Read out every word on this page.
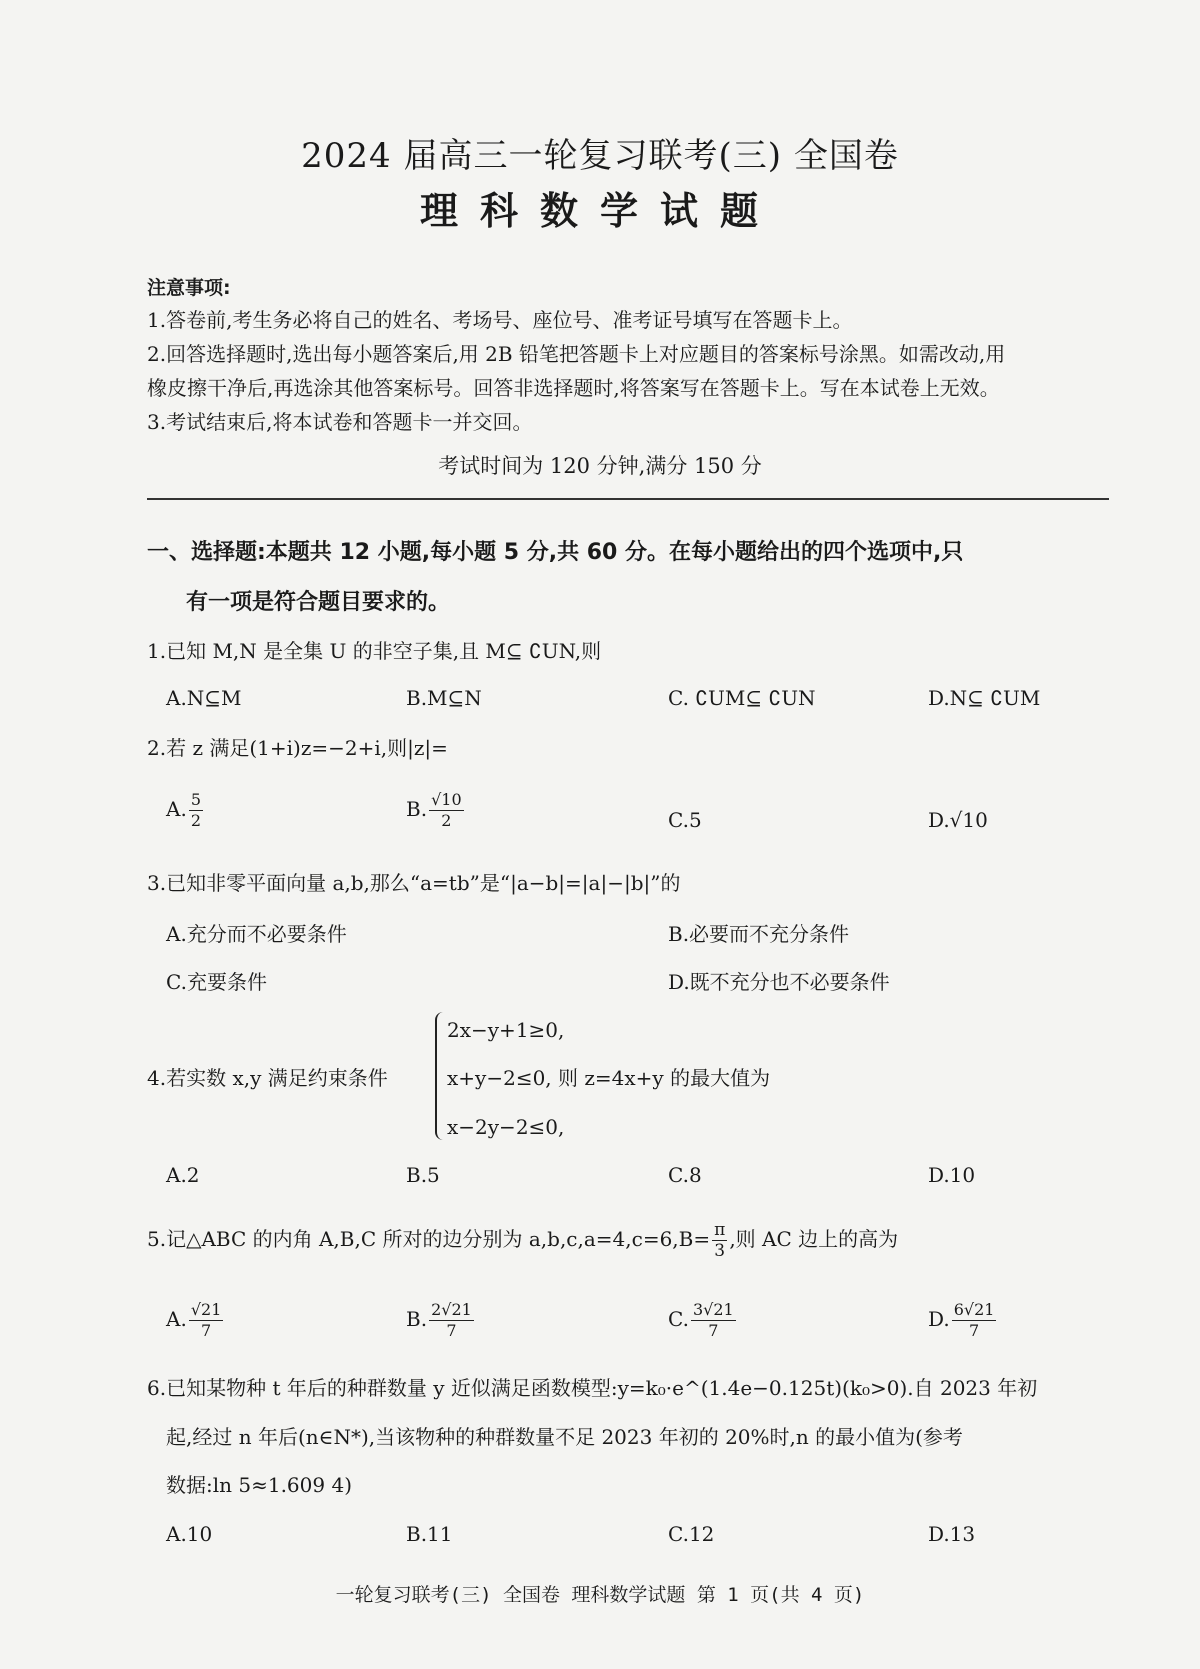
2024 届高三一轮复习联考(三) 全国卷
理科数学试题
注意事项:
1.答卷前,考生务必将自己的姓名、考场号、座位号、准考证号填写在答题卡上。
2.回答选择题时,选出每小题答案后,用 2B 铅笔把答题卡上对应题目的答案标号涂黑。如需改动,用
橡皮擦干净后,再选涂其他答案标号。回答非选择题时,将答案写在答题卡上。写在本试卷上无效。
3.考试结束后,将本试卷和答题卡一并交回。
考试时间为 120 分钟,满分 150 分
一、选择题:本题共 12 小题,每小题 5 分,共 60 分。在每小题给出的四个选项中,只
有一项是符合题目要求的。
1.已知 M,N 是全集 U 的非空子集,且 M⊆ ∁UN,则
A.N⊆M	B.M⊆N	C. ∁UM⊆ ∁UN	D.N⊆ ∁UM
2.若 z 满足(1+i)z=−2+i,则|z|=
A. $\frac{5}{2}$	B. $\frac{√10}{2}$	C.5	D.√10
3.已知非零平面向量 a,b,那么“a=tb”是“|a−b|=|a|−|b|”的
A.充分而不必要条件	B.必要而不充分条件
C.充要条件	D.既不充分也不必要条件
4.若实数 x,y 满足约束条件
2x−y+1≥0,
x+y−2≤0, 则 z=4x+y 的最大值为
x−2y−2≤0,
A.2	B.5	C.8	D.10
5.记△ABC 的内角 A,B,C 所对的边分别为 $a,b,c,a=4,c=6,B= \frac{\pi}{3}$ ,则 AC 边上的高为
A. $\frac{√21}{7}$	B. $\frac{2√21}{7}$	C. $\frac{3√21}{7}$	D. $\frac{6√21}{7}$
6.已知某物种 t 年后的种群数量 y 近似满足函数模型:y=k₀·e^(1.4e−0.125t)(k₀>0).自 2023 年初
起,经过 n 年后(n∈N*),当该物种的种群数量不足 2023 年初的 20%时,n 的最小值为(参考
数据:ln 5≈1.609 4)
A.10	B.11	C.12	D.13
一轮复习联考(三) 全国卷 理科数学试题 第 1 页(共 4 页)
